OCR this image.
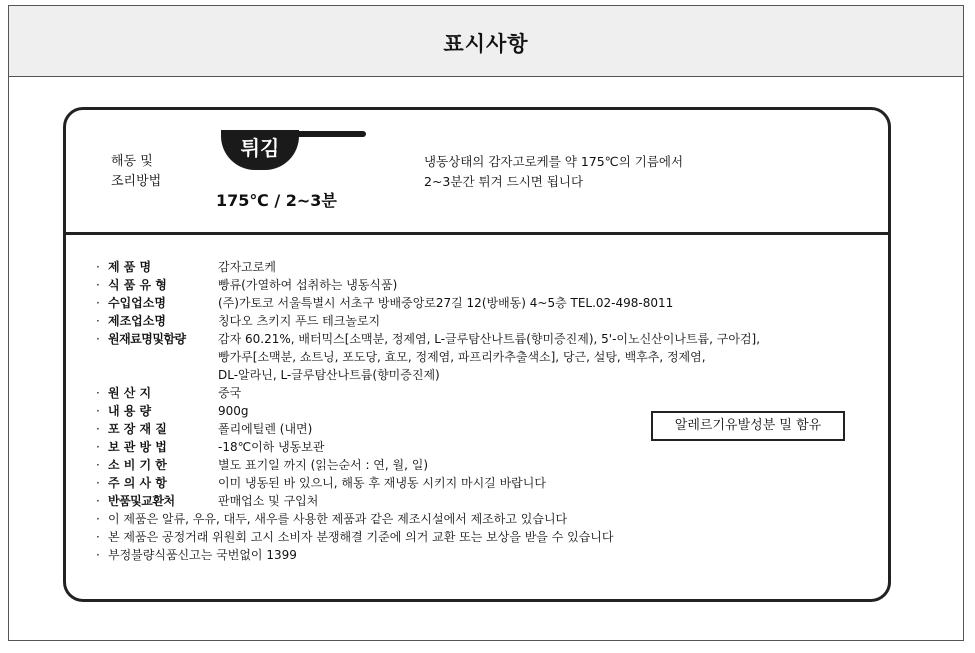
표시사항
해동 및
조리방법
튀김
175℃ / 2~3분
냉동상태의 감자고로케를 약 175℃의 기름에서
2~3분간 튀겨 드시면 됩니다
· 제 품 명	감자고로케
· 식 품 유 형	빵류(가열하여 섭취하는 냉동식품)
· 수입업소명	(주)가토코 서울특별시 서초구 방배중앙로27길 12(방배동) 4~5층 TEL.02-498-8011
· 제조업소명	칭다오 츠키지 푸드 테크놀로지
· 원재료명및함량	감자 60.21%, 배터믹스[소맥분, 정제염, L-글루탐산나트륨(향미증진제), 5'-이노신산이나트륨, 구아검],
빵가루[소맥분, 쇼트닝, 포도당, 효모, 정제염, 파프리카추출색소], 당근, 설탕, 백후추, 정제염,
DL-알라닌, L-글루탐산나트륨(향미증진제)
· 원 산 지	중국
· 내 용 량	900g
· 포 장 재 질	폴리에틸렌 (내면)
· 보 관 방 법	-18℃이하 냉동보관
· 소 비 기 한	별도 표기일 까지 (읽는순서 : 연, 월, 일)
· 주 의 사 항	이미 냉동된 바 있으니, 해동 후 재냉동 시키지 마시길 바랍니다
· 반품및교환처	판매업소 및 구입처
· 이 제품은 알류, 우유, 대두, 새우를 사용한 제품과 같은 제조시설에서 제조하고 있습니다
· 본 제품은 공정거래 위원회 고시 소비자 분쟁해결 기준에 의거 교환 또는 보상을 받을 수 있습니다
· 부정불량식품신고는 국번없이 1399
알레르기유발성분 밀 함유
